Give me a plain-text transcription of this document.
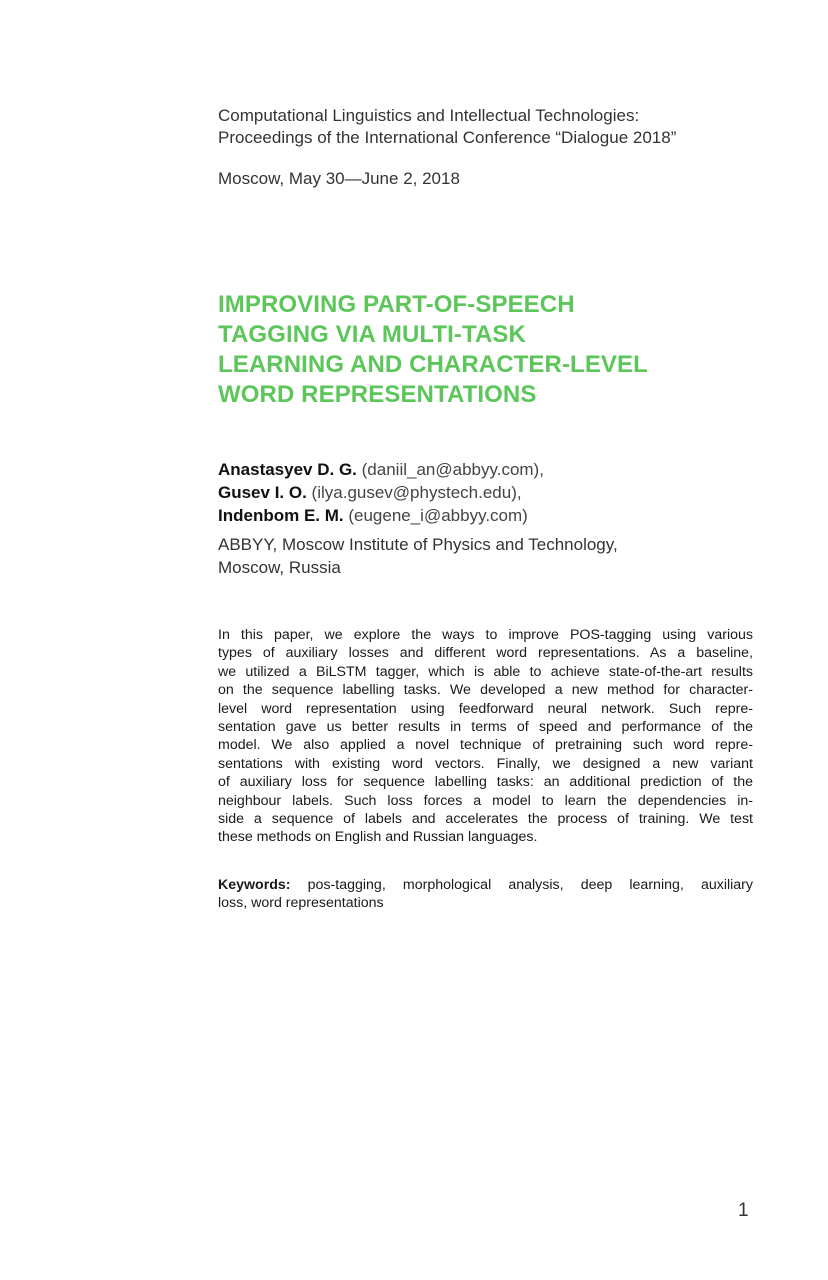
Computational Linguistics and Intellectual Technologies:
Proceedings of the International Conference “Dialogue 2018”
Moscow, May 30—June 2, 2018
IMPROVING PART-OF-SPEECH
TAGGING VIA MULTI-TASK
LEARNING AND CHARACTER-LEVEL
WORD REPRESENTATIONS
Anastasyev D. G. (daniil_an@abbyy.com),
Gusev I. O. (ilya.gusev@phystech.edu),
Indenbom E. M. (eugene_i@abbyy.com)
ABBYY, Moscow Institute of Physics and Technology,
Moscow, Russia
In this paper, we explore the ways to improve POS-tagging using various
types of auxiliary losses and different word representations. As a baseline,
we utilized a BiLSTM tagger, which is able to achieve state-of-the-art results
on the sequence labelling tasks. We developed a new method for character-
level word representation using feedforward neural network. Such repre-
sentation gave us better results in terms of speed and performance of the
model. We also applied a novel technique of pretraining such word repre-
sentations with existing word vectors. Finally, we designed a new variant
of auxiliary loss for sequence labelling tasks: an additional prediction of the
neighbour labels. Such loss forces a model to learn the dependencies in-
side a sequence of labels and accelerates the process of training. We test
these methods on English and Russian languages.
Keywords: pos-tagging, morphological analysis, deep learning, auxiliary
loss, word representations
1
